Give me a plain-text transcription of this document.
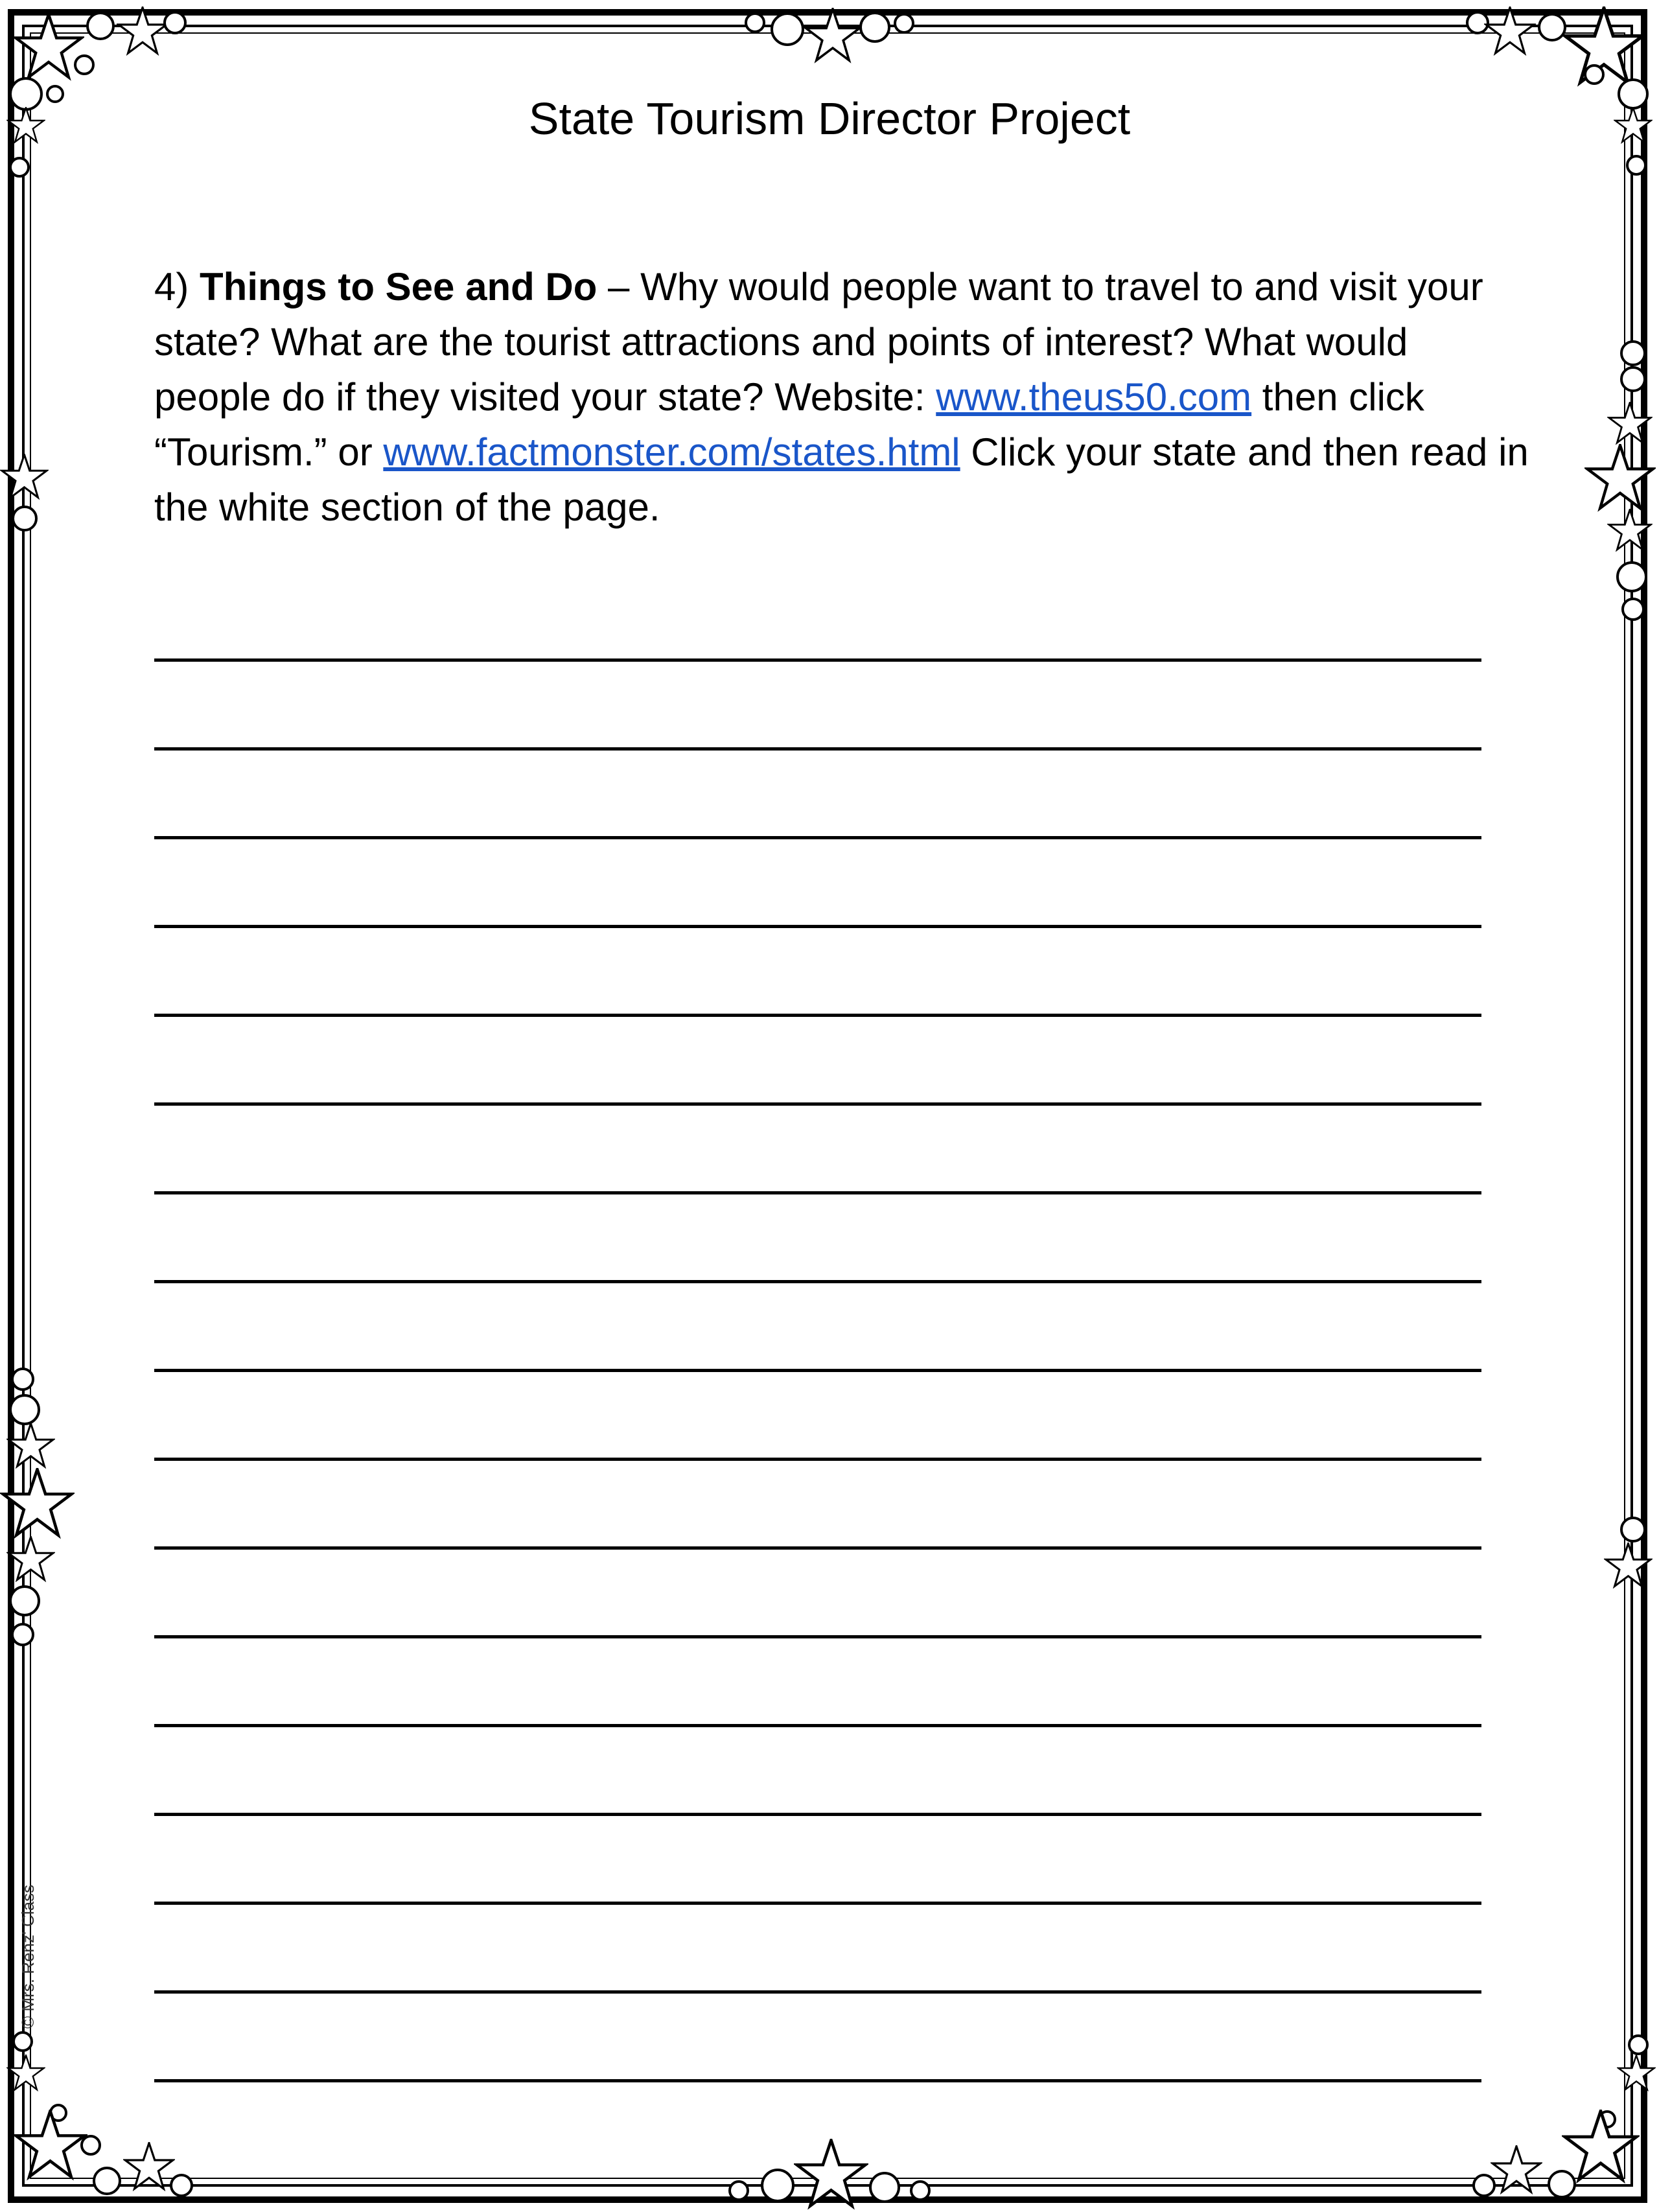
State Tourism Director Project

4) Things to See and Do – Why would people want to travel to and visit your state? What are the tourist attractions and points of interest? What would people do if they visited your state? Website: www.theus50.com then click “Tourism.” or www.factmonster.com/states.html Click your state and then read in the white section of the page.

© Mrs. Renz' Class
